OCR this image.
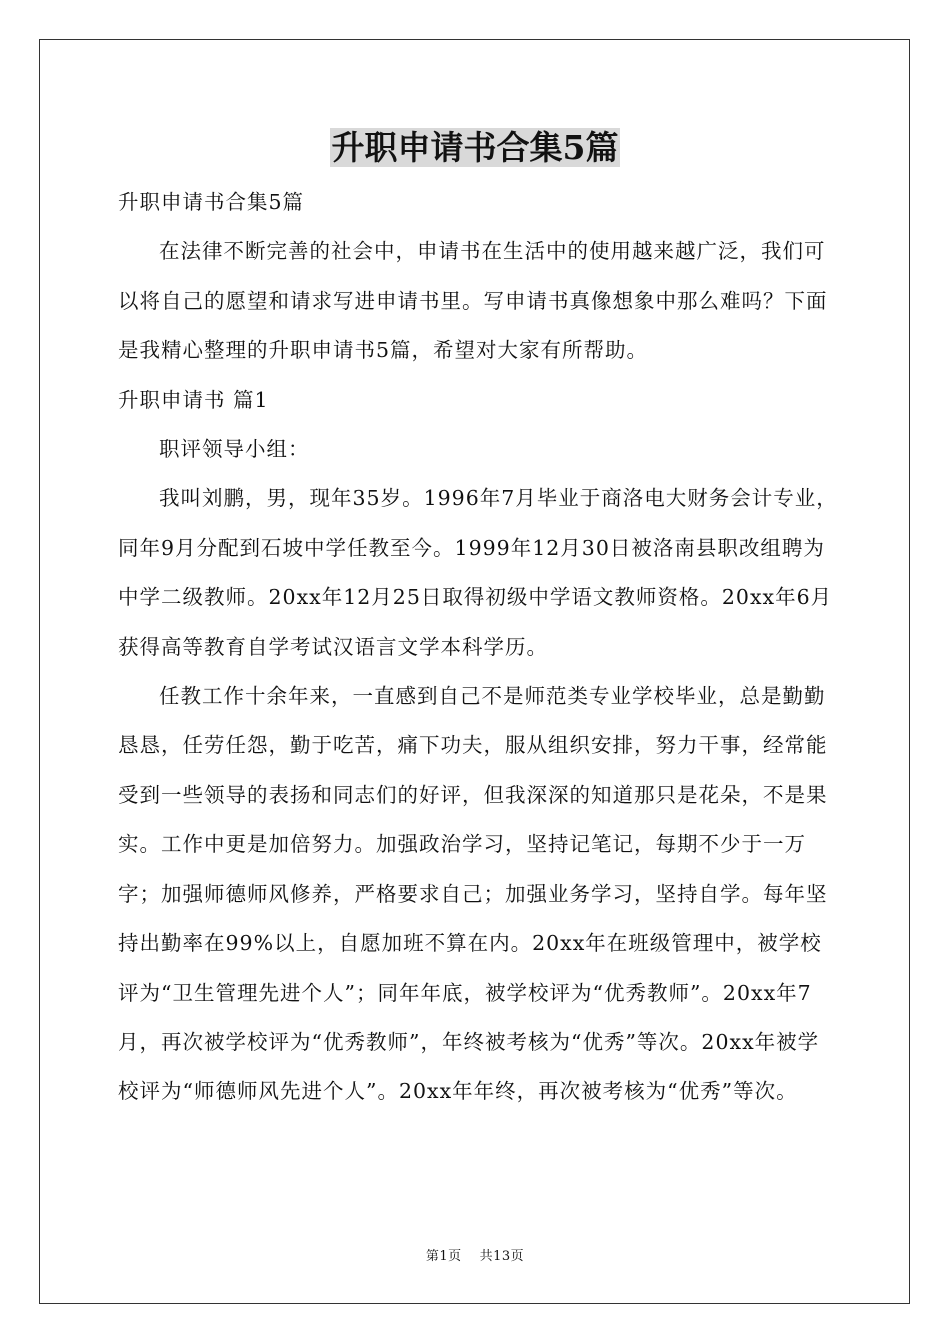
升职申请书合集5篇

升职申请书合集5篇

在法律不断完善的社会中，申请书在生活中的使用越来越广泛，我们可以将自己的愿望和请求写进申请书里。写申请书真像想象中那么难吗？下面是我精心整理的升职申请书5篇，希望对大家有所帮助。

升职申请书 篇1

职评领导小组：

我叫刘鹏，男，现年35岁。1996年7月毕业于商洛电大财务会计专业，同年9月分配到石坡中学任教至今。1999年12月30日被洛南县职改组聘为中学二级教师。20xx年12月25日取得初级中学语文教师资格。20xx年6月获得高等教育自学考试汉语言文学本科学历。

任教工作十余年来，一直感到自己不是师范类专业学校毕业，总是勤勤恳恳，任劳任怨，勤于吃苦，痛下功夫，服从组织安排，努力干事，经常能受到一些领导的表扬和同志们的好评，但我深深的知道那只是花朵，不是果实。工作中更是加倍努力。加强政治学习，坚持记笔记，每期不少于一万字；加强师德师风修养，严格要求自己；加强业务学习，坚持自学。每年坚持出勤率在99%以上，自愿加班不算在内。20xx年在班级管理中，被学校评为“卫生管理先进个人”；同年年底，被学校评为“优秀教师”。20xx年7月，再次被学校评为“优秀教师”，年终被考核为“优秀”等次。20xx年被学校评为“师德师风先进个人”。20xx年年终，再次被考核为“优秀”等次。

第1页 共13页
